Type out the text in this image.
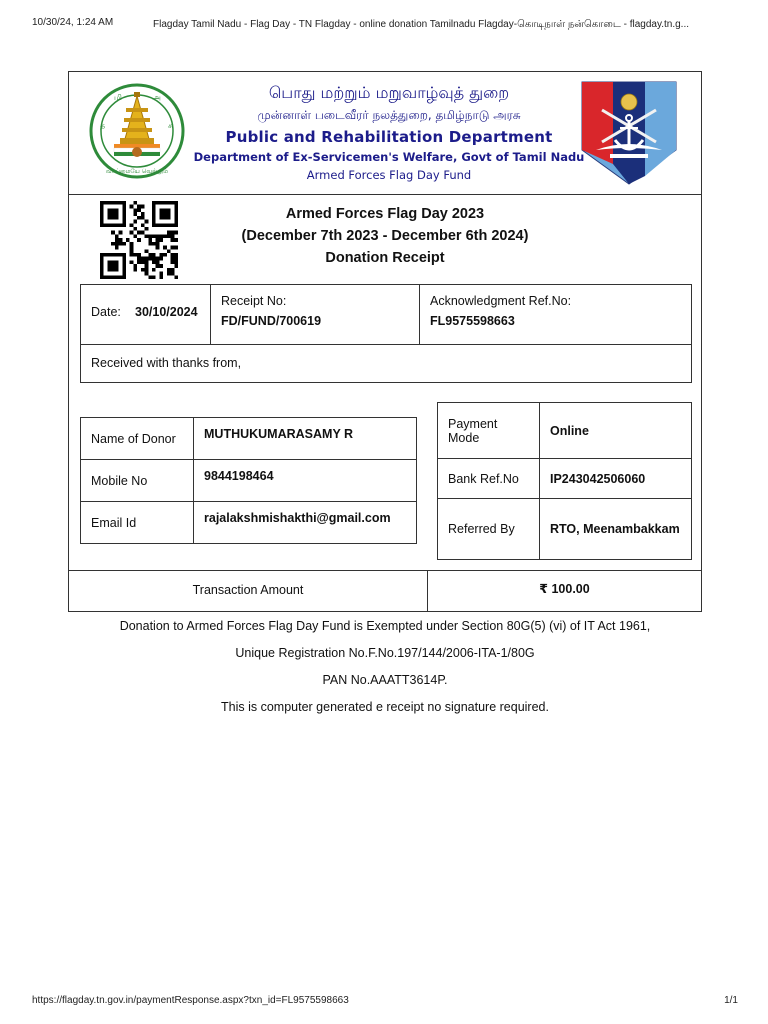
10/30/24, 1:24 AM	Flagday Tamil Nadu - Flag Day - TN Flagday - online donation Tamilnadu Flagday-கொடிநாள் நன்கொடை - flagday.tn.g...
த	சு
மி	அ
வாய்மையே வெல்லும்
பொது மற்றும் மறுவாழ்வுத் துறை
முன்னாள் படைவீரர் நலத்துறை, தமிழ்நாடு அரசு
Public and Rehabilitation Department
Department of Ex-Servicemen's Welfare, Govt of Tamil Nadu
Armed Forces Flag Day Fund
Armed Forces Flag Day 2023
(December 7th 2023 - December 6th 2024)
Donation Receipt
Date: 30/10/2024
Receipt No:
FD/FUND/700619
Acknowledgment Ref.No:
FL9575598663
Received with thanks from,
Name of Donor	MUTHUKUMARASAMY R
Mobile No	9844198464
Email Id	rajalakshmishakthi@gmail.com
Payment Mode	Online
Bank Ref.No	IP243042506060
Referred By	RTO, Meenambakkam
Transaction Amount	₹ 100.00

Donation to Armed Forces Flag Day Fund is Exempted under Section 80G(5) (vi) of IT Act 1961,

Unique Registration No.F.No.197/144/2006-ITA-1/80G

PAN No.AAATT3614P.

This is computer generated e receipt no signature required.

https://flagday.tn.gov.in/paymentResponse.aspx?txn_id=FL9575598663	1/1
